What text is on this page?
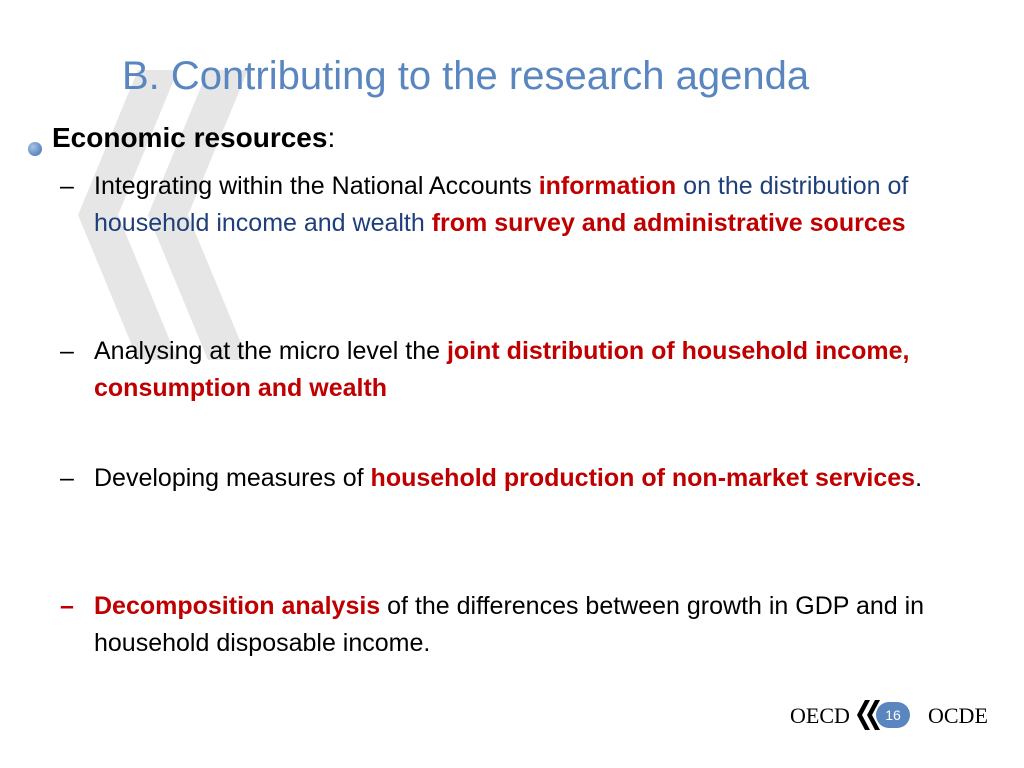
B. Contributing to the research agenda
Economic resources:
– Integrating within the National Accounts information on the distribution of household income and wealth from survey and administrative sources
– Analysing at the micro level the joint distribution of household income, consumption and wealth
– Developing measures of household production of non-market services.
– Decomposition analysis of the differences between growth in GDP and in household disposable income.
OECD	16	OCDE
